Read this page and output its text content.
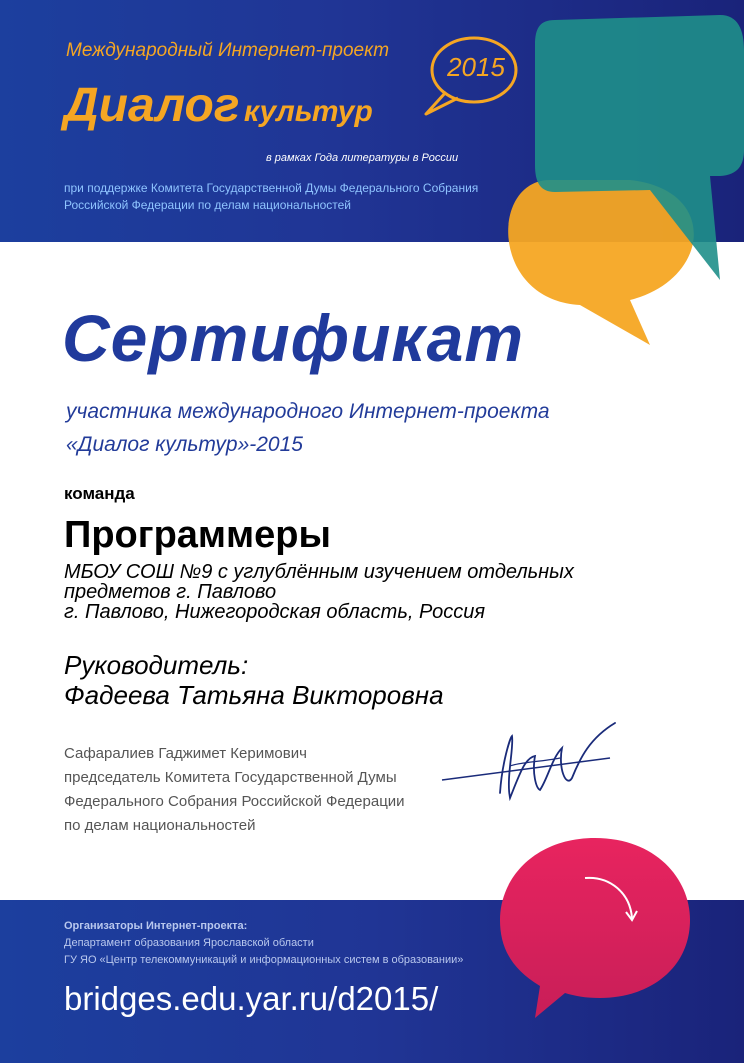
Международный Интернет-проект
Диалог культур
2015
в рамках Года литературы в России
при поддержке Комитета Государственной Думы Федерального Собрания Российской Федерации по делам национальностей
Сертификат
участника международного Интернет-проекта
«Диалог культур»-2015
команда
Программеры
МБОУ СОШ №9 с углублённым изучением отдельных
предметов г. Павлово
г. Павлово, Нижегородская область, Россия
Руководитель:
Фадеева Татьяна Викторовна
Сафаралиев Гаджимет Керимович
председатель Комитета Государственной Думы
Федерального Собрания Российской Федерации
по делам национальностей
Организаторы Интернет-проекта:
Департамент образования Ярославской области
ГУ ЯО «Центр телекоммуникаций и информационных систем в образовании»
bridges.edu.yar.ru/d2015/
